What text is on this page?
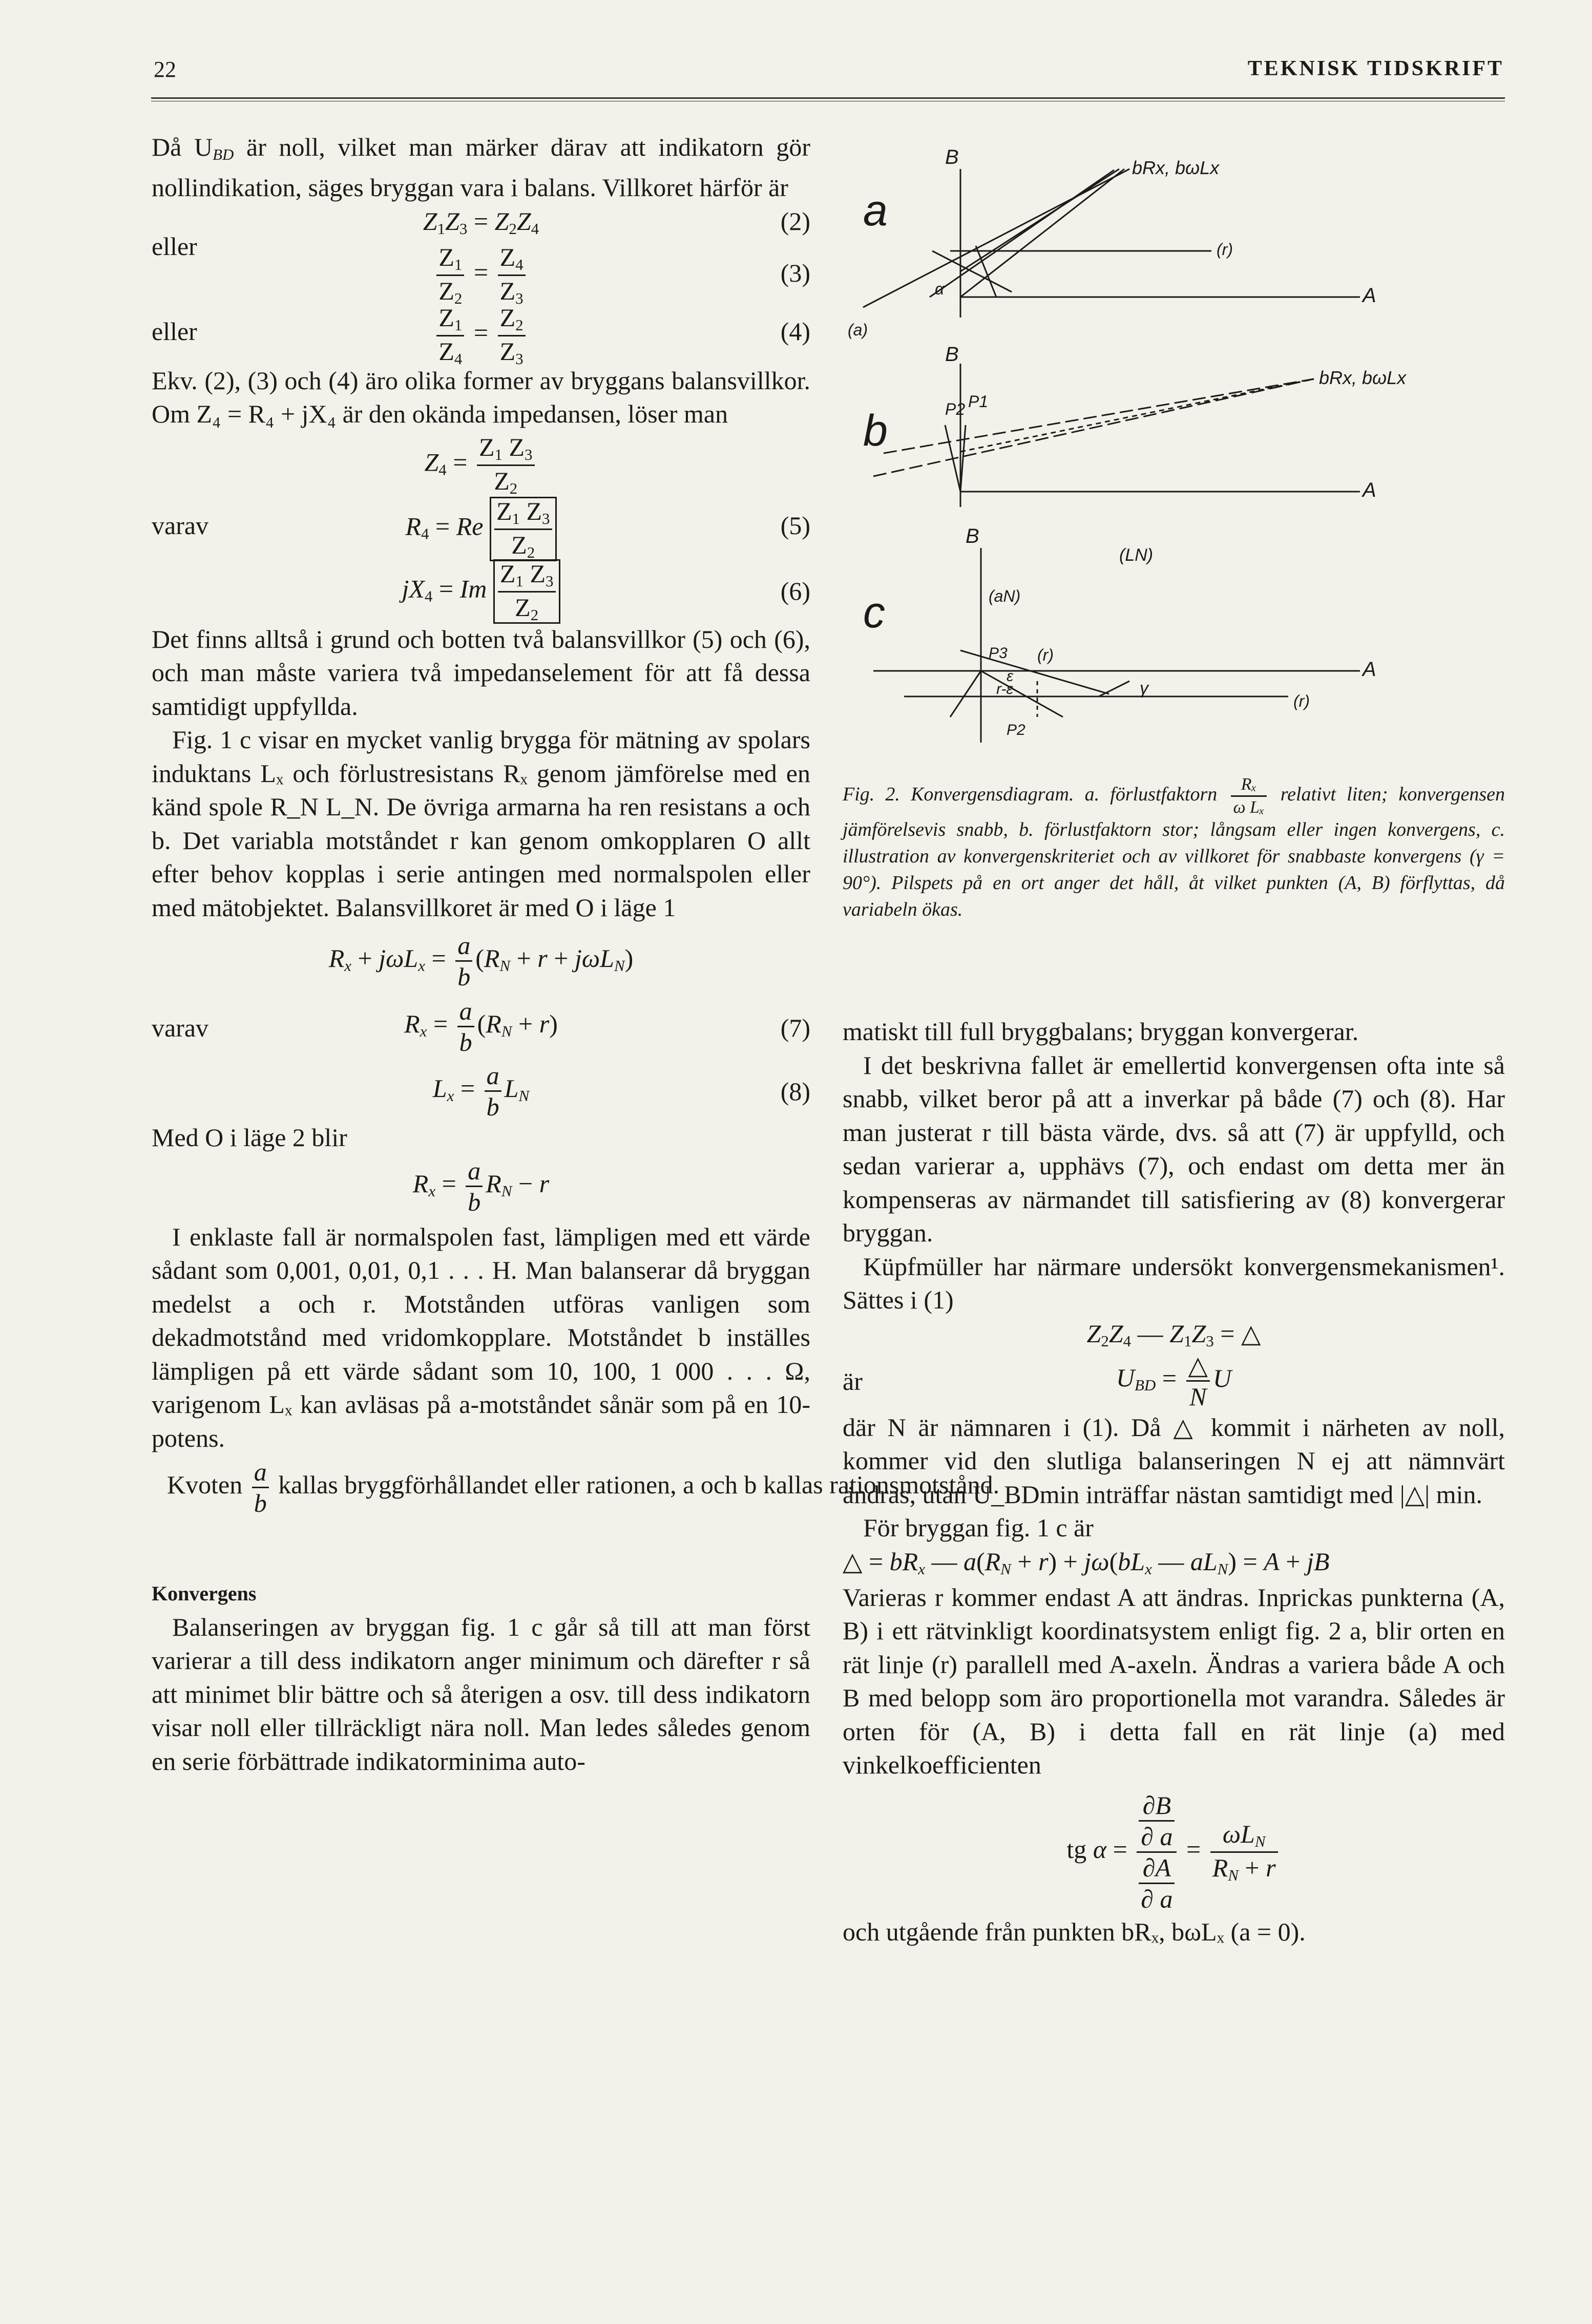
22	TEKNISK TIDSKRIFT

Då $U_{BD}$ är noll, vilket man märker därav att indikatorn gör nollindikation, säges bryggan vara i balans. Villkoret härför är

$Z_1Z_3 = Z_2Z_4$	(2)
eller	$\frac{Z_1}{Z_2} = \frac{Z_4}{Z_3}$	(3)
eller	$\frac{Z_1}{Z_4} = \frac{Z_2}{Z_3}$	(4)

Ekv. (2), (3) och (4) äro olika former av bryggans balansvillkor. Om Z₄ = R₄ + jX₄ är den okända impedansen, löser man

$Z_4 = \frac{Z_1 Z_3}{Z_2}$
varav	$R_4 = Re \frac{Z_1 Z_3}{Z_2}$	(5)
$jX_4 = Im \frac{Z_1 Z_3}{Z_2}$	(6)

Det finns alltså i grund och botten två balansvillkor (5) och (6), och man måste variera två impedanselement för att få dessa samtidigt uppfyllda.

Fig. 1 c visar en mycket vanlig brygga för mätning av spolars induktans Lₓ och förlustresistans Rₓ genom jämförelse med en känd spole R_N L_N. De övriga armarna ha ren resistans a och b. Det variabla motståndet r kan genom omkopplaren O allt efter behov kopplas i serie antingen med normalspolen eller med mätobjektet. Balansvillkoret är med O i läge 1

$R_x + j\omega L_x = \frac{a}{b} (R_N + r + j\omega L_N)$
varav	$R_x = \frac{a}{b} (R_N + r)$	(7)
$L_x = \frac{a}{b} L_N$	(8)

Med O i läge 2 blir

$R_x = \frac{a}{b} R_N - r$

I enklaste fall är normalspolen fast, lämpligen med ett värde sådant som 0,001, 0,01, 0,1 . . . H. Man balanserar då bryggan medelst a och r. Motstånden utföras vanligen som dekadmotstånd med vridomkopplare. Motståndet b inställes lämpligen på ett värde sådant som 10, 100, 1 000 . . . Ω, varigenom Lₓ kan avläsas på a-motståndet sånär som på en 10-potens.

Kvoten $\frac{a}{b}$ kallas bryggförhållandet eller rationen, a och b kallas rationsmotstånd.
Konvergens

Balanseringen av bryggan fig. 1 c går så till att man först varierar a till dess indikatorn anger minimum och därefter r så att minimet blir bättre och så återigen a osv. till dess indikatorn visar noll eller tillräckligt nära noll. Man ledes således genom en serie förbättrade indikatorminima auto-

a
b
c
B
B
B
A
A
A
(r)
(r)
(a)
(r)
α
bRx, bωLx
bRx, bωLx
P2 P1
(LN)
(aN)
P3
ε
r-ε
P2
γ
Fig. 2. Konvergensdiagram. a. förlustfaktorn $\frac{\text{Rₓ}}{\text{ω Lₓ}}$ relativt liten; konvergensen jämförelsevis snabb, b. förlustfaktorn stor; långsam eller ingen konvergens, c. illustration av konvergenskriteriet och av villkoret för snabbaste konvergens (γ = 90°). Pilspets på en ort anger det håll, åt vilket punkten (A, B) förflyttas, då variabeln ökas.

matiskt till full bryggbalans; bryggan konvergerar.

I det beskrivna fallet är emellertid konvergensen ofta inte så snabb, vilket beror på att a inverkar på både (7) och (8). Har man justerat r till bästa värde, dvs. så att (7) är uppfylld, och sedan varierar a, upphävs (7), och endast om detta mer än kompenseras av närmandet till satisfiering av (8) konvergerar bryggan.

Küpfmüller har närmare undersökt konvergensmekanismen¹. Sättes i (1)

$Z_2Z_4$ — $Z_1Z_3$ = △
är	$U_{BD}$ = △
N
U

där N är nämnaren i (1). Då △ kommit i närheten av noll, kommer vid den slutliga balanseringen N ej att nämnvärt ändras, utan U_BDmin inträffar nästan samtidigt med |△| min.

För bryggan fig. 1 c är

△ = $bR_x$ — $a(R_N + r) + j\omega(bL_x$ — $aL_N) = A$ + jB

Varieras r kommer endast A att ändras. Inprickas punkterna (A, B) i ett rätvinkligt koordinatsystem enligt fig. 2 a, blir orten en rät linje (r) parallell med A-axeln. Ändras a variera både A och B med belopp som äro proportionella mot varandra. Således är orten för (A, B) i detta fall en rät linje (a) med vinkelkoefficienten

tg $\alpha = \frac{\frac{\partial B}{\partial a}}{\frac{\partial A}{\partial a}}$ =
$\omega L_N$
$R_N + r$

och utgående från punkten bRₓ, bωLₓ (a = 0).
